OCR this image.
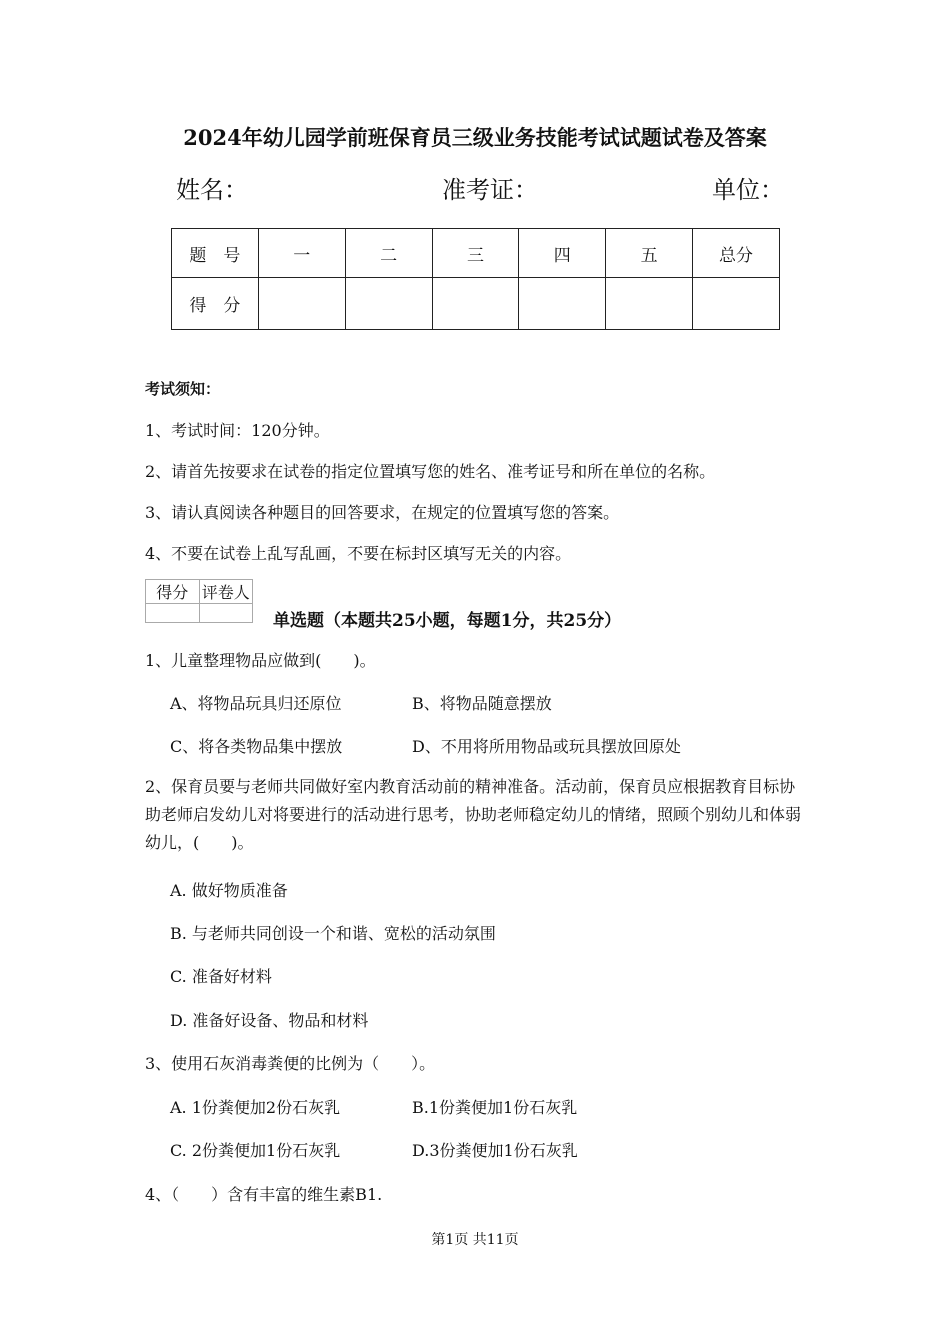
2024年幼儿园学前班保育员三级业务技能考试试题试卷及答案
姓名：	准考证：	单位：
题　号	一	二	三	四	五	总分
得　分						
考试须知：
1、考试时间：120分钟。
2、请首先按要求在试卷的指定位置填写您的姓名、准考证号和所在单位的名称。
3、请认真阅读各种题目的回答要求，在规定的位置填写您的答案。
4、不要在试卷上乱写乱画，不要在标封区填写无关的内容。
得分	评卷人

单选题（本题共25小题，每题1分，共25分）
1、儿童整理物品应做到(　　)。
A、将物品玩具归还原位	B、将物品随意摆放
C、将各类物品集中摆放	D、不用将所用物品或玩具摆放回原处
2、保育员要与老师共同做好室内教育活动前的精神准备。活动前，保育员应根据教育目标协助老师启发幼儿对将要进行的活动进行思考，协助老师稳定幼儿的情绪，照顾个别幼儿和体弱幼儿，(　　)。
A. 做好物质准备
B. 与老师共同创设一个和谐、宽松的活动氛围
C. 准备好材料
D. 准备好设备、物品和材料
3、使用石灰消毒粪便的比例为（　　）。
A. 1份粪便加2份石灰乳	B.1份粪便加1份石灰乳
C. 2份粪便加1份石灰乳	D.3份粪便加1份石灰乳
4、（　　）含有丰富的维生素B1.
第1页 共11页
